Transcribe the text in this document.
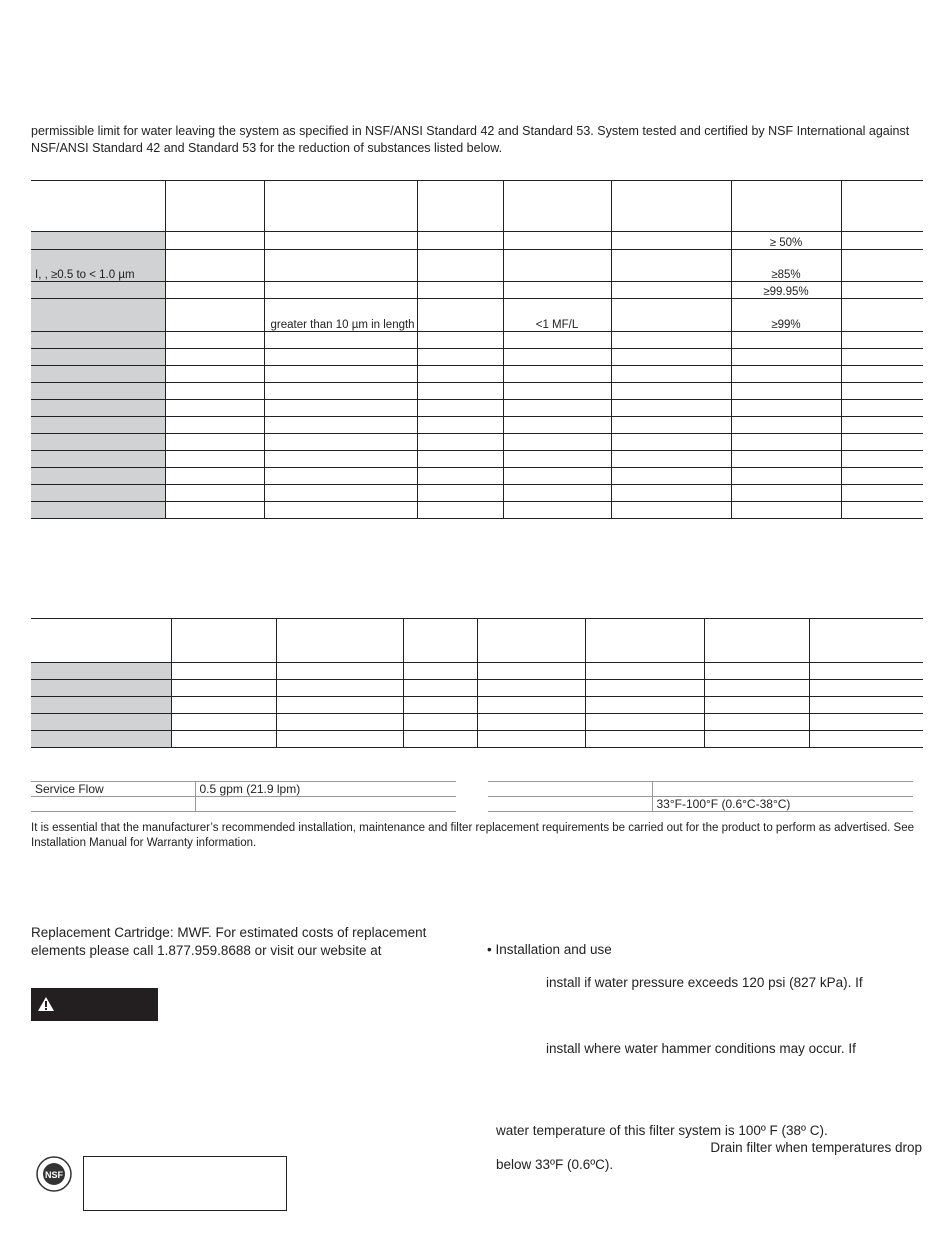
permissible limit for water leaving the system as specified in NSF/ANSI Standard 42 and Standard 53. System tested and certified by NSF International against NSF/ANSI Standard 42 and Standard 53 for the reduction of substances listed below.

						≥ 50%	
I, , ≥0.5 to < 1.0 µm						≥85%	
						≥99.95%	
		greater than 10 µm in length		<1 MF/L		≥99%	

Service Flow	0.5 gpm (21.9 lpm)

	33°F-100°F (0.6°C-38°C)
It is essential that the manufacturer’s recommended installation, maintenance and filter replacement requirements be carried out for the product to perform as advertised. See Installation Manual for Warranty information.
Replacement Cartridge: MWF. For estimated costs of replacement elements please call 1.877.959.8688 or visit our website at
NSF
• Installation and use
install if water pressure exceeds 120 psi (827 kPa). If
install where water hammer conditions may occur. If
water temperature of this filter system is 100º F (38º C).
Drain filter when temperatures drop
below 33ºF (0.6ºC).
